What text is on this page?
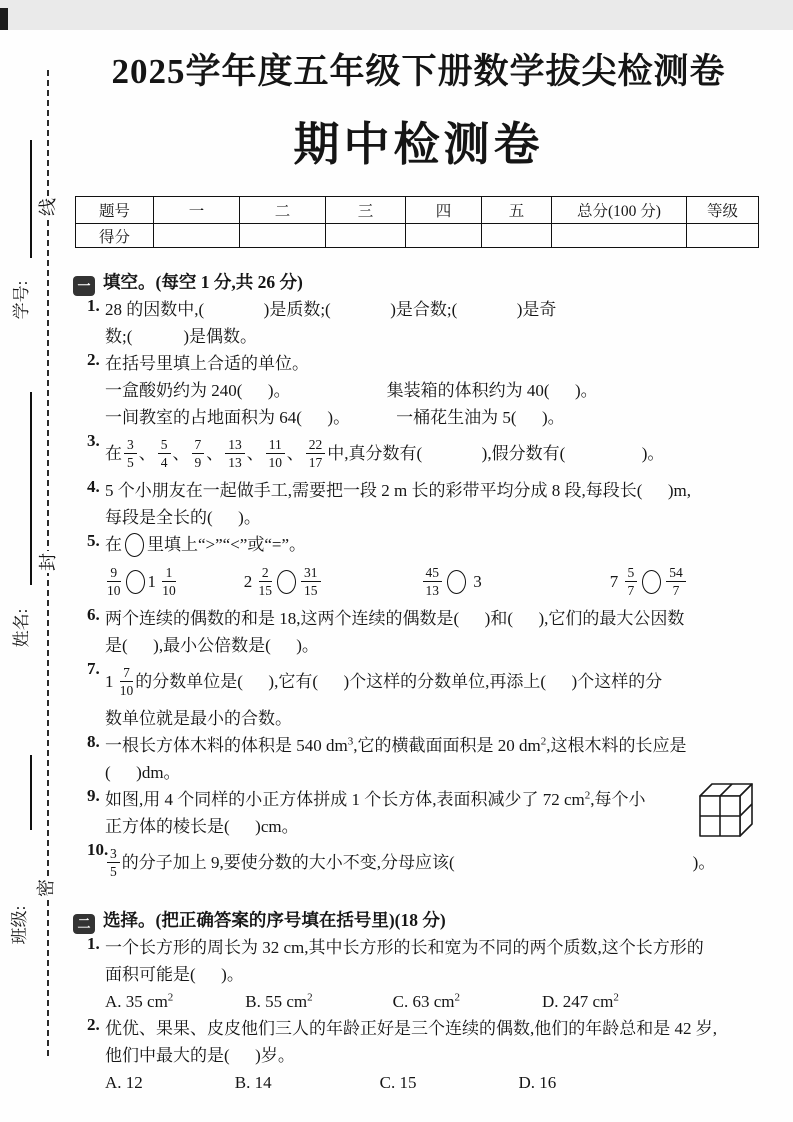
线
封
密
学号:
姓名:
班级:
2025学年度五年级下册数学拔尖检测卷
期中检测卷
题号	一	二	三	四	五	总分(100 分)	等级
得分							
一 填空。(每空 1 分,共 26 分)
1. 28 的因数中,(              )是质数;(              )是合数;(              )是奇
数;(            )是偶数。
2. 在括号里填上合适的单位。
一盒酸奶约为 240(      )。	集装箱的体积约为 40(      )。
一间教室的占地面积为 64(      )。	一桶花生油为 5(      )。
3.
在 $\frac{3}{5}$ 、 $\frac{5}{4}$ 、 $\frac{7}{9}$ 、 $\frac{13}{13}$ 、 $\frac{11}{10}$ 、 $\frac{22}{17}$ 中,真分数有(              ),假分数有(                  )。
4. 5 个小朋友在一起做手工,需要把一段 2 m 长的彩带平均分成 8 段,每段长(      )m,
每段是全长的(      )。
5. 在 里填上“>”“<”或“=”。
$\frac{9}{10} 1 \frac{1}{10}$	$2 \frac{2}{15} \frac{31}{15}$	$\frac{45}{13} 3$	$7 \frac{5}{7} \frac{54}{7}$
6. 两个连续的偶数的和是 18,这两个连续的偶数是(      )和(      ),它们的最大公因数
是(      ),最小公倍数是(      )。
7.
$1 \frac{7}{10}$ 的分数单位是(      ),它有(      )个这样的分数单位,再添上(      )个这样的分
数单位就是最小的合数。
8. 一根长方体木料的体积是 540 $dm^3$,它的横截面面积是 20 $dm^2$,这根木料的长应是
(      )dm。
9. 如图,用 4 个同样的小正方体拼成 1 个长方体,表面积减少了 72 $cm^2$,每个小
正方体的棱长是(      )cm。
10.
$\frac{3}{5}$ 的分子加上 9,要使分数的大小不变,分母应该(	)。
二 选择。(把正确答案的序号填在括号里)(18 分)
1. 一个长方形的周长为 32 cm,其中长方形的长和宽为不同的两个质数,这个长方形的
面积可能是(      )。
A. 35 $cm^2$	B. 55 $cm^2$	C. 63 $cm^2$	D. 247 $cm^2$
2. 优优、果果、皮皮他们三人的年龄正好是三个连续的偶数,他们的年龄总和是 42 岁,
他们中最大的是(      )岁。
A. 12	B. 14	C. 15	D. 16
